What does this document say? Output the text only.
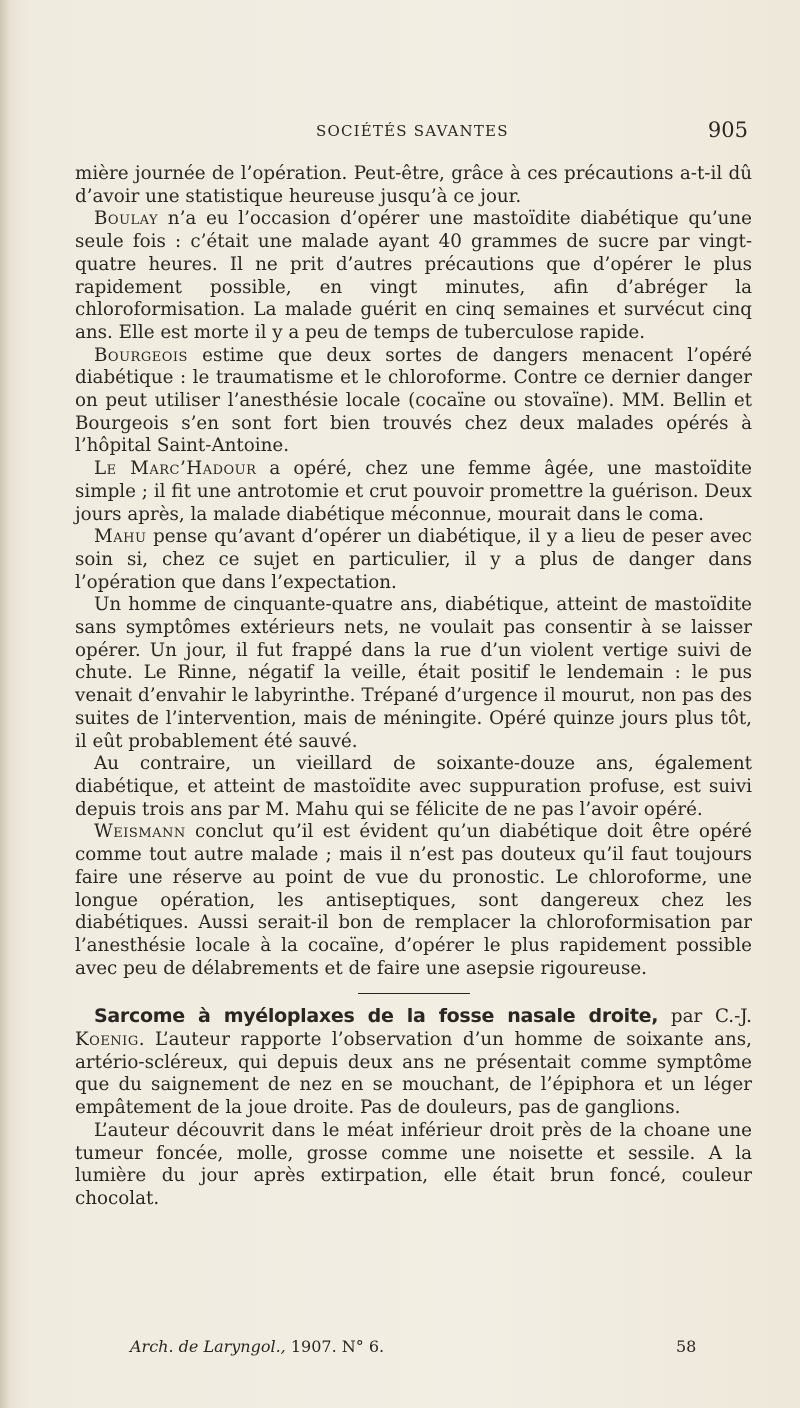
SOCIÉTÉS SAVANTES	905

mière journée de l’opération. Peut-être, grâce à ces précautions a-t-il dû d’avoir une statistique heureuse jusqu’à ce jour.

Boulay n’a eu l’occasion d’opérer une mastoïdite diabétique qu’une seule fois : c’était une malade ayant 40 grammes de sucre par vingt-quatre heures. Il ne prit d’autres précautions que d’opérer le plus rapidement possible, en vingt minutes, afin d’abréger la chloroformisation. La malade guérit en cinq semaines et survécut cinq ans. Elle est morte il y a peu de temps de tuberculose rapide.

Bourgeois estime que deux sortes de dangers menacent l’opéré diabétique : le traumatisme et le chloroforme. Contre ce dernier danger on peut utiliser l’anesthésie locale (cocaïne ou stovaïne). MM. Bellin et Bourgeois s’en sont fort bien trouvés chez deux malades opérés à l’hôpital Saint-Antoine.

Le Marc’Hadour a opéré, chez une femme âgée, une mastoïdite simple ; il fit une antrotomie et crut pouvoir promettre la guérison. Deux jours après, la malade diabétique méconnue, mourait dans le coma.

Mahu pense qu’avant d’opérer un diabétique, il y a lieu de peser avec soin si, chez ce sujet en particulier, il y a plus de danger dans l’opération que dans l’expectation.

Un homme de cinquante-quatre ans, diabétique, atteint de mastoïdite sans symptômes extérieurs nets, ne voulait pas consentir à se laisser opérer. Un jour, il fut frappé dans la rue d’un violent vertige suivi de chute. Le Rinne, négatif la veille, était positif le lendemain : le pus venait d’envahir le labyrinthe. Trépané d’urgence il mourut, non pas des suites de l’intervention, mais de méningite. Opéré quinze jours plus tôt, il eût probablement été sauvé.

Au contraire, un vieillard de soixante-douze ans, également diabétique, et atteint de mastoïdite avec suppuration profuse, est suivi depuis trois ans par M. Mahu qui se félicite de ne pas l’avoir opéré.

Weismann conclut qu’il est évident qu’un diabétique doit être opéré comme tout autre malade ; mais il n’est pas douteux qu’il faut toujours faire une réserve au point de vue du pronostic. Le chloroforme, une longue opération, les antiseptiques, sont dangereux chez les diabétiques. Aussi serait-il bon de remplacer la chloroformisation par l’anesthésie locale à la cocaïne, d’opérer le plus rapidement possible avec peu de délabrements et de faire une asepsie rigoureuse.

Sarcome à myéloplaxes de la fosse nasale droite, par C.-J. Koenig. L’auteur rapporte l’observation d’un homme de soixante ans, artério-scléreux, qui depuis deux ans ne présentait comme symptôme que du saignement de nez en se mouchant, de l’épiphora et un léger empâtement de la joue droite. Pas de douleurs, pas de ganglions.

L’auteur découvrit dans le méat inférieur droit près de la choane une tumeur foncée, molle, grosse comme une noisette et sessile. A la lumière du jour après extirpation, elle était brun foncé, couleur chocolat.

Arch. de Laryngol., 1907. N° 6.	58
